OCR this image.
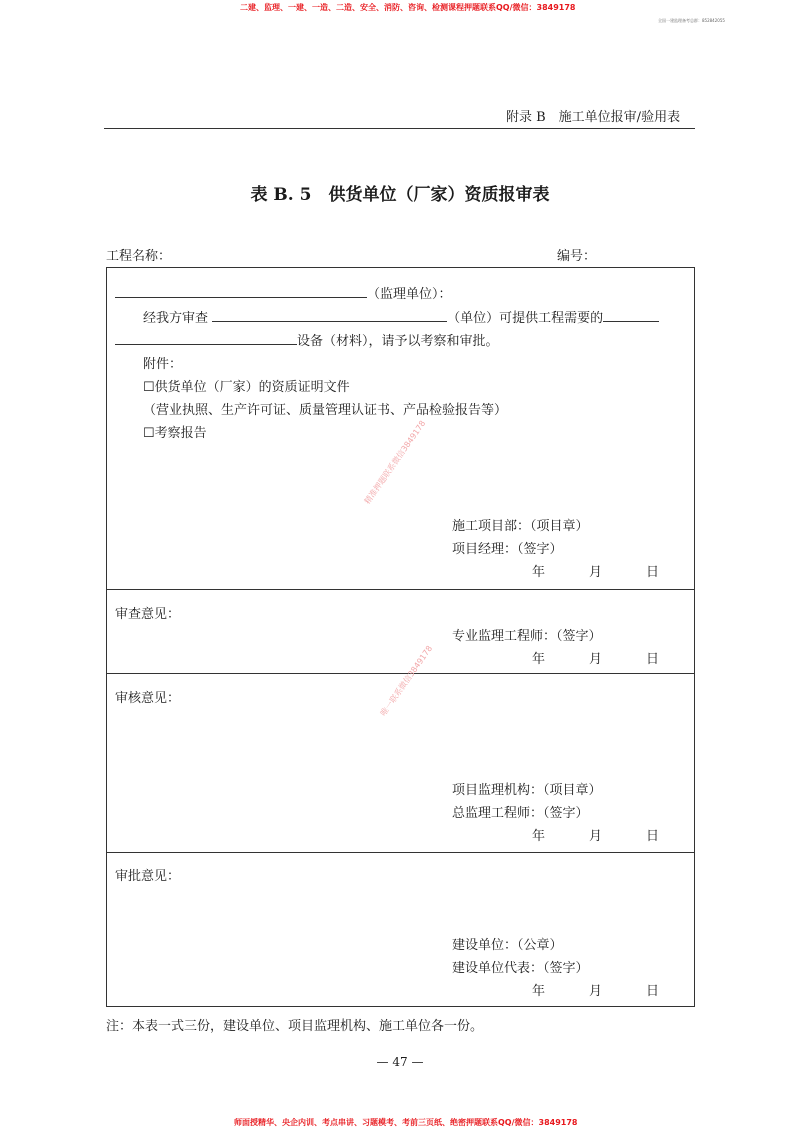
二建、监理、一建、一造、二造、安全、消防、咨询、检测课程押题联系QQ/微信：3849178
全国一建监理备考总群：852842055
附录 B　施工单位报审/验用表
表 B. 5　供货单位（厂家）资质报审表
工程名称：	编号：
（监理单位）：
经我方审查	（单位）可提供工程需要的
设备（材料），请予以考察和审批。
附件：
☐供货单位（厂家）的资质证明文件
（营业执照、生产许可证、质量管理认证书、产品检验报告等）
☐考察报告
施工项目部：（项目章）
项目经理：（签字）
年	月	日
审查意见：
专业监理工程师：（签字）
年	月	日
审核意见：
项目监理机构：（项目章）
总监理工程师：（签字）
年	月	日
审批意见：
建设单位：（公章）
建设单位代表：（签字）
年	月	日
精准押题联系微信3849178
唯一联系微信3849178
注：本表一式三份，建设单位、项目监理机构、施工单位各一份。
— 47 —
师面授精华、央企内训、考点串讲、习题模考、考前三页纸、绝密押题联系QQ/微信：3849178
